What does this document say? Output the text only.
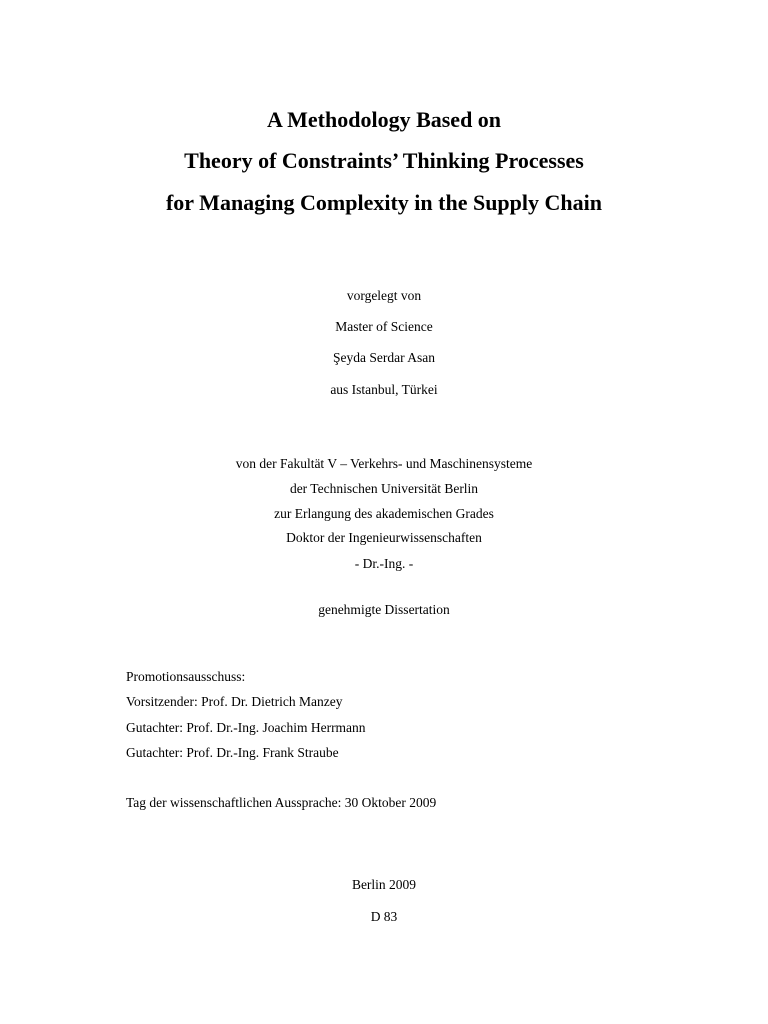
A Methodology Based on
Theory of Constraints’ Thinking Processes
for Managing Complexity in the Supply Chain
vorgelegt von
Master of Science
Şeyda Serdar Asan
aus Istanbul, Türkei
von der Fakultät V – Verkehrs- und Maschinensysteme
der Technischen Universität Berlin
zur Erlangung des akademischen Grades
Doktor der Ingenieurwissenschaften
- Dr.-Ing. -
genehmigte Dissertation
Promotionsausschuss:
Vorsitzender: Prof. Dr. Dietrich Manzey
Gutachter: Prof. Dr.-Ing. Joachim Herrmann
Gutachter: Prof. Dr.-Ing. Frank Straube
Tag der wissenschaftlichen Aussprache: 30 Oktober 2009
Berlin 2009
D 83
